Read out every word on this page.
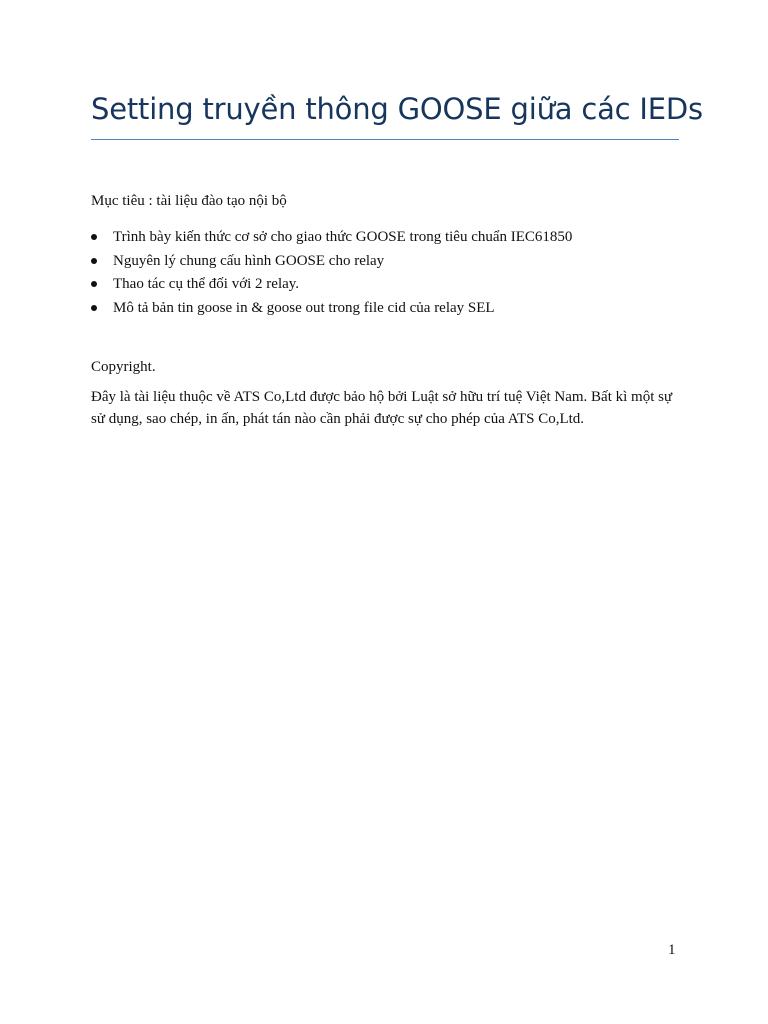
Setting truyền thông GOOSE giữa các IEDs

Mục tiêu : tài liệu đào tạo nội bộ

Trình bày kiến thức cơ sở cho giao thức GOOSE trong tiêu chuẩn IEC61850
Nguyên lý chung cấu hình GOOSE cho relay
Thao tác cụ thể đối với 2 relay.
Mô tả bản tin goose in & goose out trong file cid của relay SEL

Copyright.

Đây là tài liệu thuộc về ATS Co,Ltd được bảo hộ bởi Luật sở hữu trí tuệ Việt Nam. Bất kì một sự sử dụng, sao chép, in ấn, phát tán nào cần phải được sự cho phép của ATS Co,Ltd.

1
